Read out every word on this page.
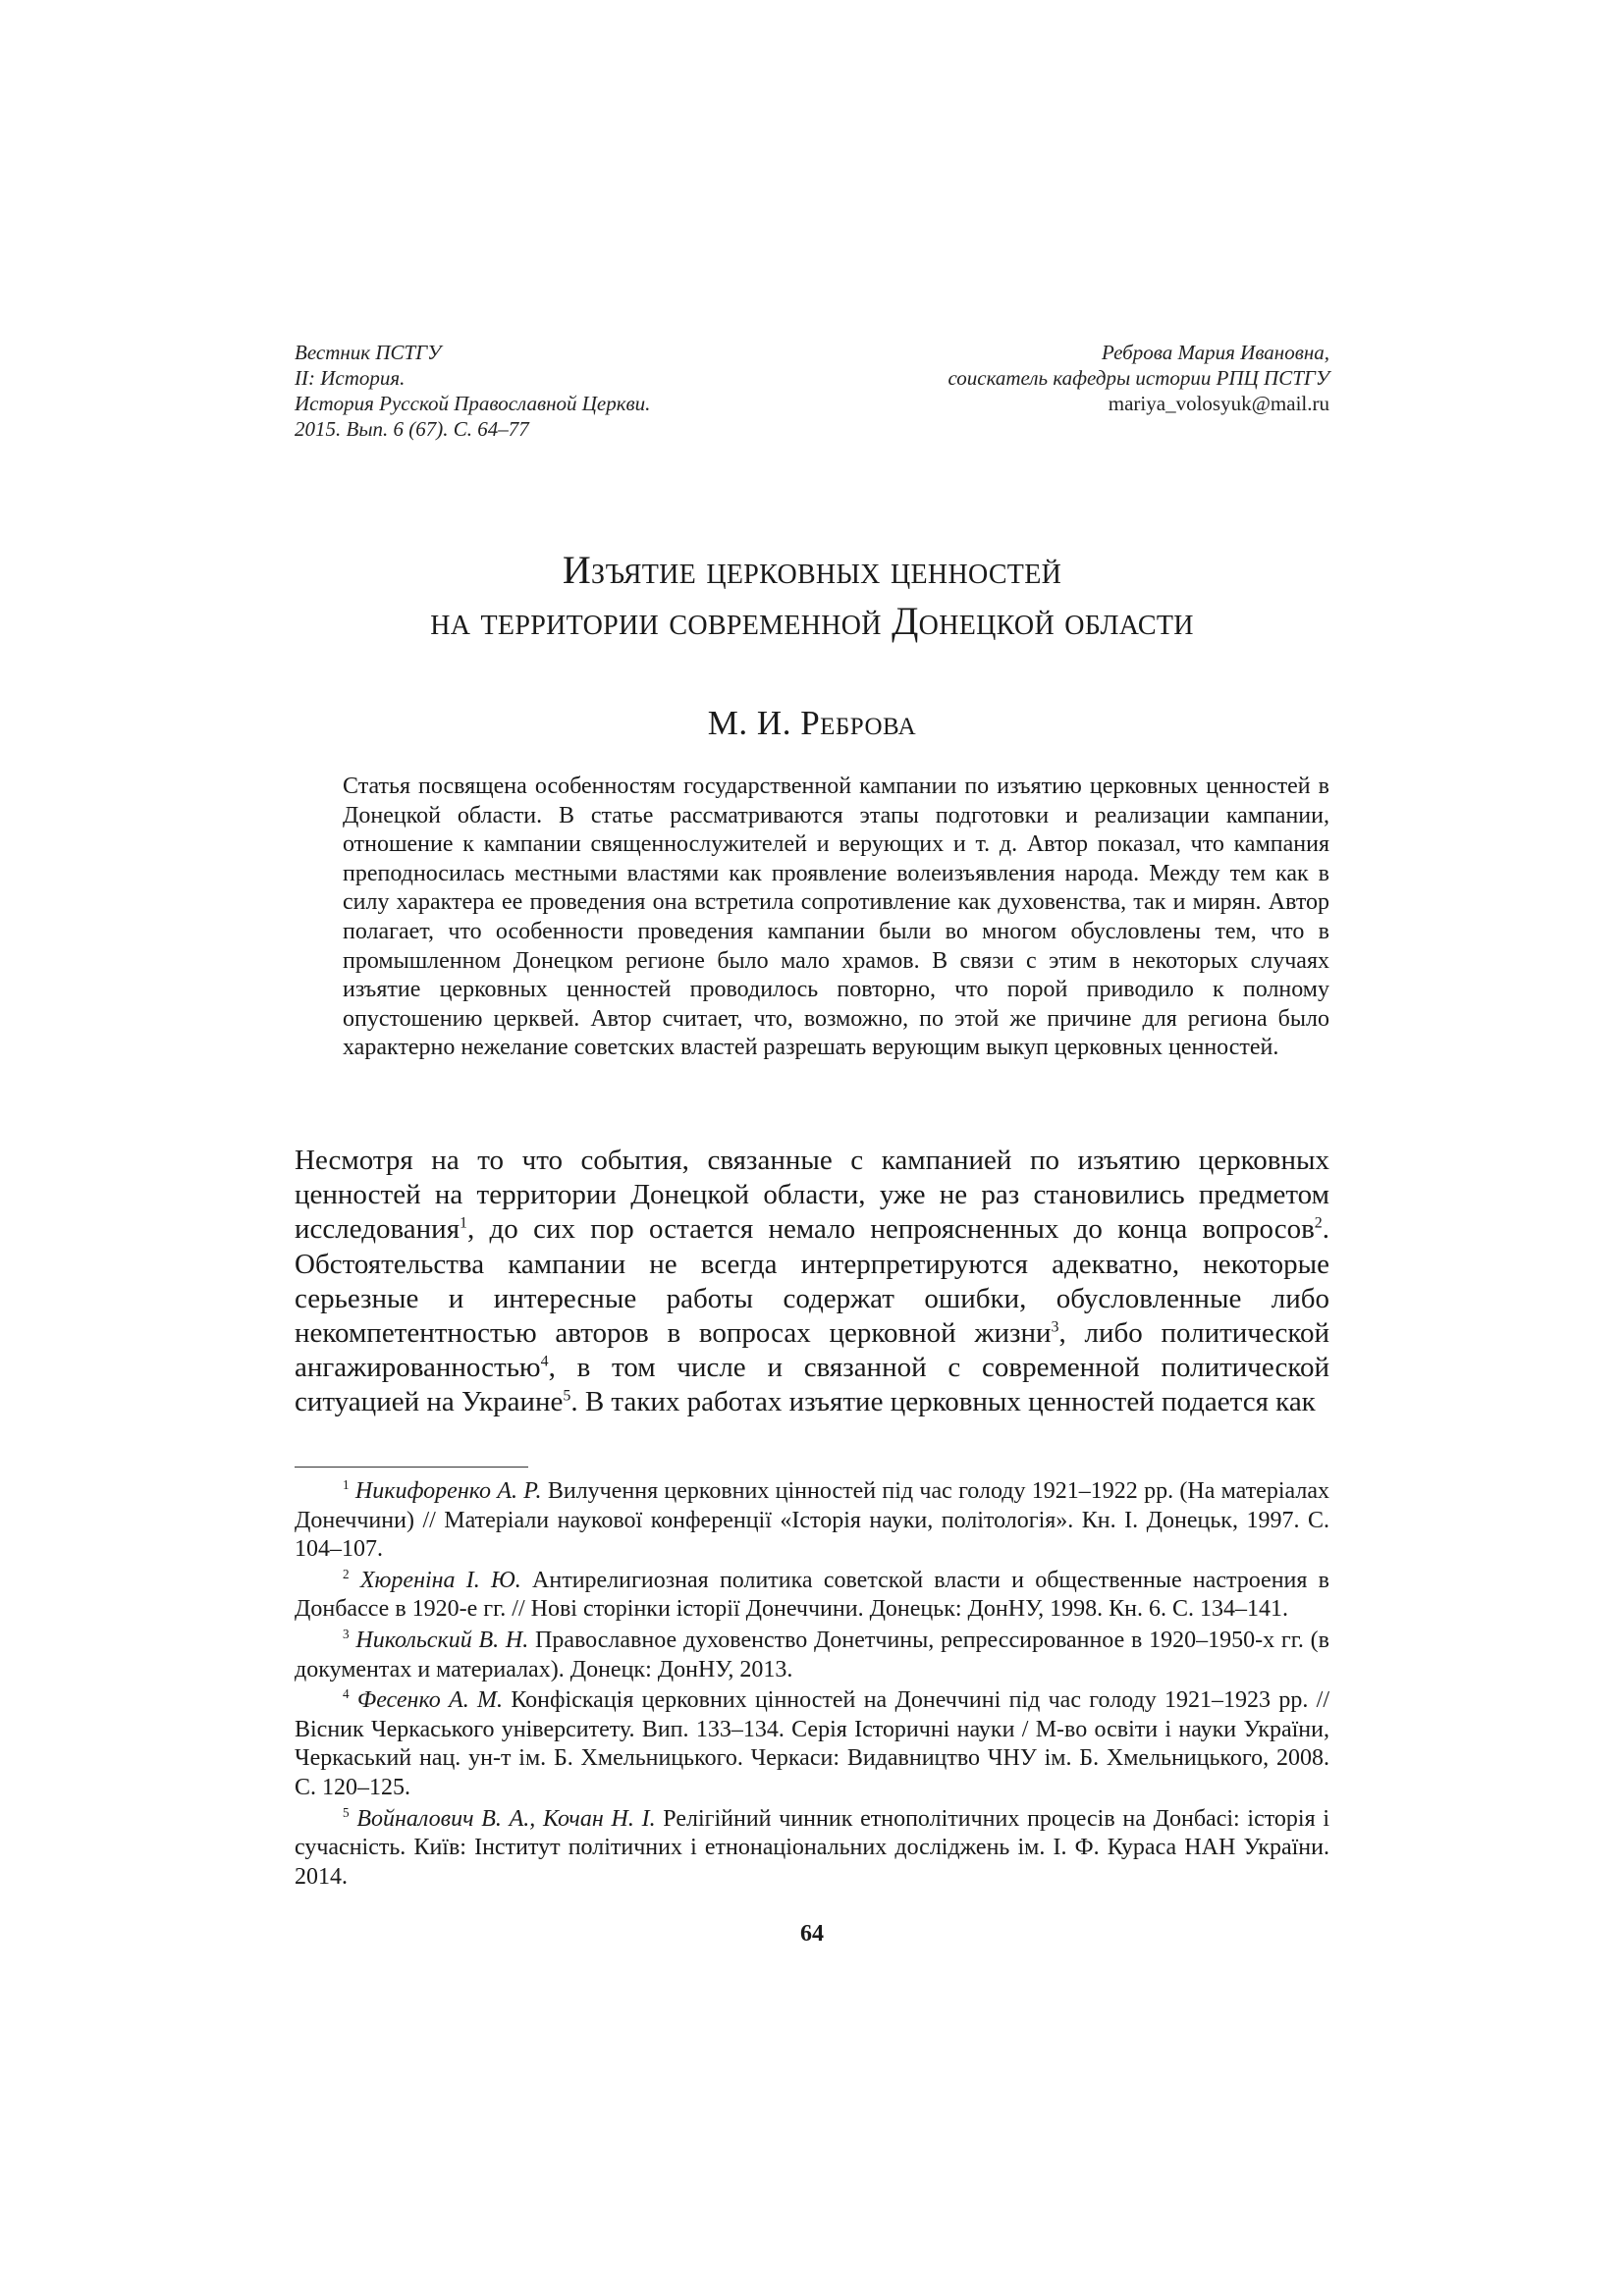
Вестник ПСТГУ
II: История.
История Русской Православной Церкви.
2015. Вып. 6 (67). С. 64–77
Реброва Мария Ивановна,
соискатель кафедры истории РПЦ ПСТГУ
mariya_volosyuk@mail.ru
Изъятие церковных ценностей
на территории современной Донецкой области
М. И. Реброва

Статья посвящена особенностям государственной кампании по изъятию церковных ценностей в Донецкой области. В статье рассматриваются этапы подготовки и реализации кампании, отношение к кампании священнослужителей и верующих и т. д. Автор показал, что кампания преподносилась местными властями как проявление волеизъявления народа. Между тем как в силу характера ее проведения она встретила сопротивление как духовенства, так и мирян. Автор полагает, что особенности проведения кампании были во многом обусловлены тем, что в промышленном Донецком регионе было мало храмов. В связи с этим в некоторых случаях изъятие церковных ценностей проводилось повторно, что порой приводило к полному опустошению церквей. Автор считает, что, возможно, по этой же причине для региона было характерно нежелание советских властей разрешать верующим выкуп церковных ценностей.

Несмотря на то что события, связанные с кампанией по изъятию церковных ценностей на территории Донецкой области, уже не раз становились предметом исследования$^1$, до сих пор остается немало непроясненных до конца вопросов$^2$. Обстоятельства кампании не всегда интерпретируются адекватно, некоторые серьезные и интересные работы содержат ошибки, обусловленные либо некомпетентностью авторов в вопросах церковной жизни$^3$, либо политической ангажированностью$^4$, в том числе и связанной с современной политической ситуацией на Украине$^5$. В таких работах изъятие церковных ценностей подается как

$^1$ Никифоренко А. Р. Вилучення церковних цінностей під час голоду 1921–1922 рр. (На матеріалах Донеччини) // Матеріали наукової конференції «Історія науки, політологія». Кн. I. Донецьк, 1997. С. 104–107.

$^2$ Хюреніна І. Ю. Антирелигиозная политика советской власти и общественные настроения в Донбассе в 1920-е гг. // Нові сторінки історії Донеччини. Донецьк: ДонНУ, 1998. Кн. 6. С. 134–141.

$^3$ Никольский В. Н. Православное духовенство Донетчины, репрессированное в 1920–1950-х гг. (в документах и материалах). Донецк: ДонНУ, 2013.

$^4$ Фесенко А. М. Конфіскація церковних цінностей на Донеччині під час голоду 1921–1923 рр. // Вісник Черкаського університету. Вип. 133–134. Серія Історичні науки / М-во освіти і науки України, Черкаський нац. ун-т ім. Б. Хмельницького. Черкаси: Видавництво ЧНУ ім. Б. Хмельницького, 2008. С. 120–125.

$^5$ Войналович В. А., Кочан Н. І. Релігійний чинник етнополітичних процесів на Донбасі: історія і сучасність. Київ: Інститут політичних і етнонаціональних досліджень ім. І. Ф. Кураса НАН України. 2014.

64
